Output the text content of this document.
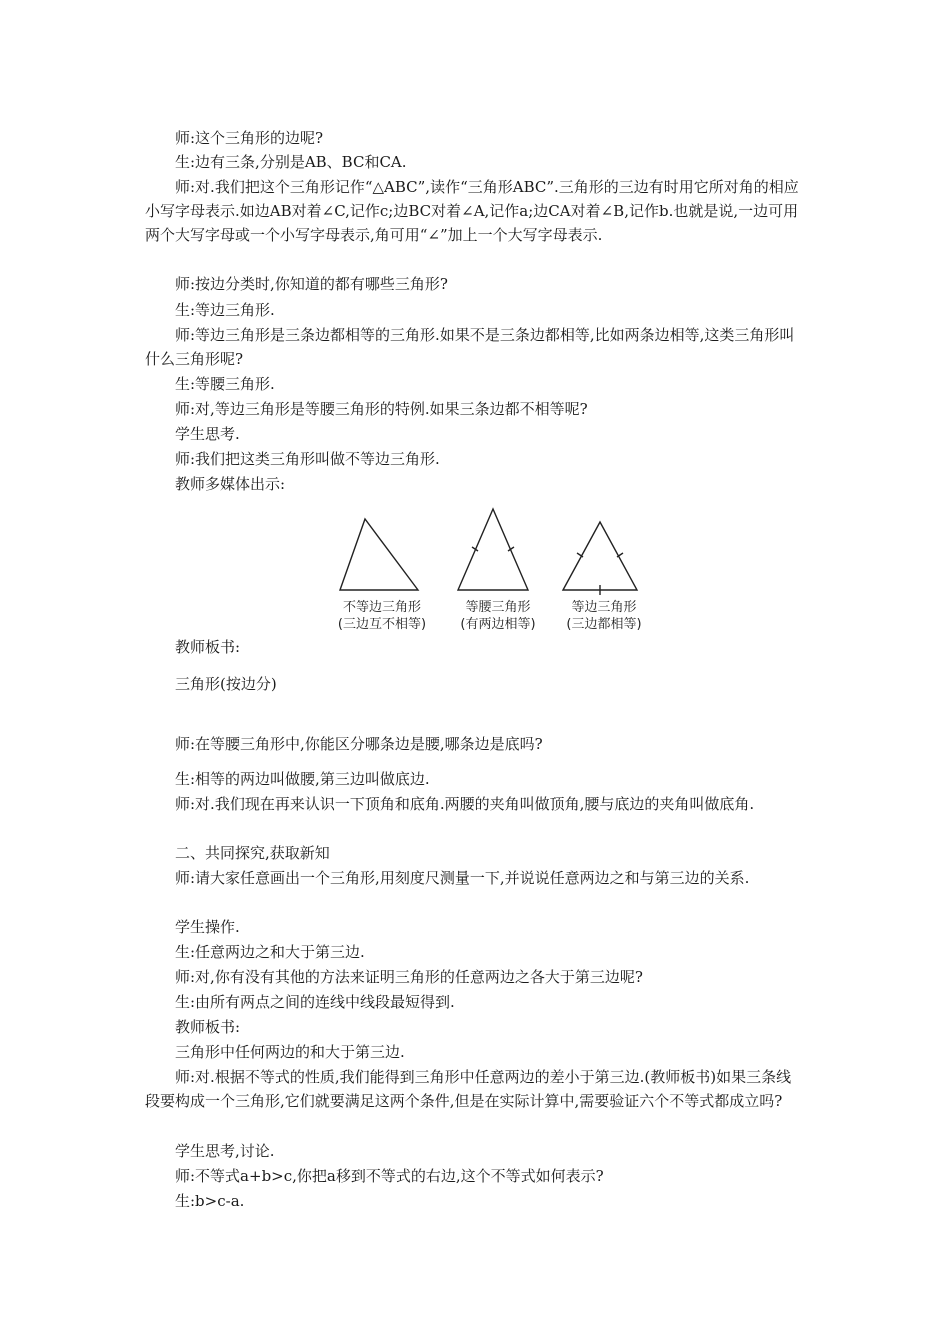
师:这个三角形的边呢?

生:边有三条,分别是AB、BC和CA.

师:对.我们把这个三角形记作“△ABC”,读作“三角形ABC”.三角形的三边有时用它所对角的相应小写字母表示.如边AB对着∠C,记作c;边BC对着∠A,记作a;边CA对着∠B,记作b.也就是说,一边可用两个大写字母或一个小写字母表示,角可用“∠”加上一个大写字母表示.

师:按边分类时,你知道的都有哪些三角形?

生:等边三角形.

师:等边三角形是三条边都相等的三角形.如果不是三条边都相等,比如两条边相等,这类三角形叫什么三角形呢?

生:等腰三角形.

师:对,等边三角形是等腰三角形的特例.如果三条边都不相等呢?

学生思考.

师:我们把这类三角形叫做不等边三角形.

教师多媒体出示:

不等边三角形
(三边互不相等)
等腰三角形
(有两边相等)
等边三角形
(三边都相等)

教师板书:

三角形(按边分)

师:在等腰三角形中,你能区分哪条边是腰,哪条边是底吗?

生:相等的两边叫做腰,第三边叫做底边.

师:对.我们现在再来认识一下顶角和底角.两腰的夹角叫做顶角,腰与底边的夹角叫做底角.

二、共同探究,获取新知

师:请大家任意画出一个三角形,用刻度尺测量一下,并说说任意两边之和与第三边的关系.

学生操作.

生:任意两边之和大于第三边.

师:对,你有没有其他的方法来证明三角形的任意两边之各大于第三边呢?

生:由所有两点之间的连线中线段最短得到.

教师板书:

三角形中任何两边的和大于第三边.

师:对.根据不等式的性质,我们能得到三角形中任意两边的差小于第三边.(教师板书)如果三条线段要构成一个三角形,它们就要满足这两个条件,但是在实际计算中,需要验证六个不等式都成立吗?

学生思考,讨论.

师:不等式a+b>c,你把a移到不等式的右边,这个不等式如何表示?

生:b>c-a.
